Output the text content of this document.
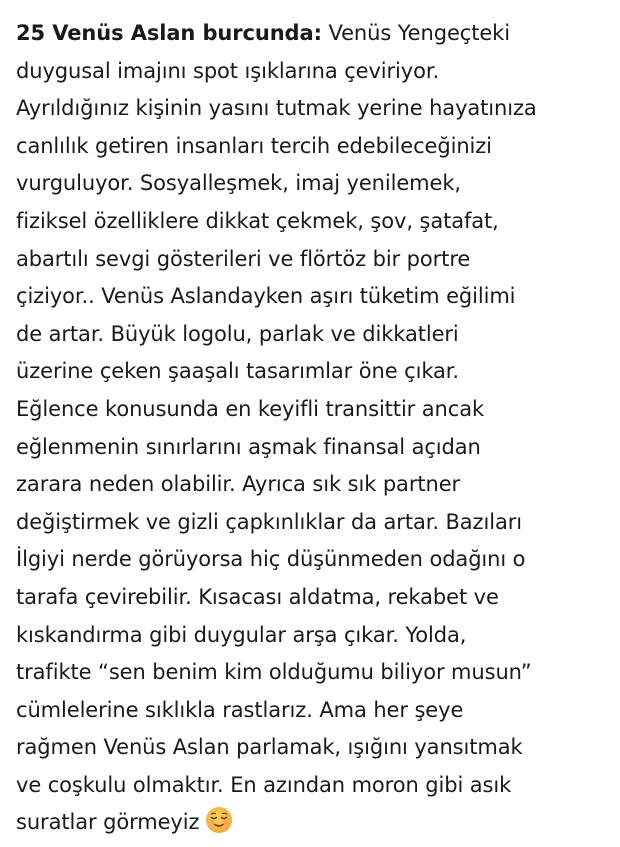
25 Venüs Aslan burcunda: Venüs Yengeçteki
duygusal imajını spot ışıklarına çeviriyor.
Ayrıldığınız kişinin yasını tutmak yerine hayatınıza
canlılık getiren insanları tercih edebileceğinizi
vurguluyor. Sosyalleşmek, imaj yenilemek,
fiziksel özelliklere dikkat çekmek, şov, şatafat,
abartılı sevgi gösterileri ve flörtöz bir portre
çiziyor.. Venüs Aslandayken aşırı tüketim eğilimi
de artar. Büyük logolu, parlak ve dikkatleri
üzerine çeken şaaşalı tasarımlar öne çıkar.
Eğlence konusunda en keyifli transittir ancak
eğlenmenin sınırlarını aşmak finansal açıdan
zarara neden olabilir. Ayrıca sık sık partner
değiştirmek ve gizli çapkınlıklar da artar. Bazıları
İlgiyi nerde görüyorsa hiç düşünmeden odağını o
tarafa çevirebilir. Kısacası aldatma, rekabet ve
kıskandırma gibi duygular arşa çıkar. Yolda,
trafikte “sen benim kim olduğumu biliyor musun”
cümlelerine sıklıkla rastlarız. Ama her şeye
rağmen Venüs Aslan parlamak, ışığını yansıtmak
ve coşkulu olmaktır. En azından moron gibi asık
suratlar görmeyiz
